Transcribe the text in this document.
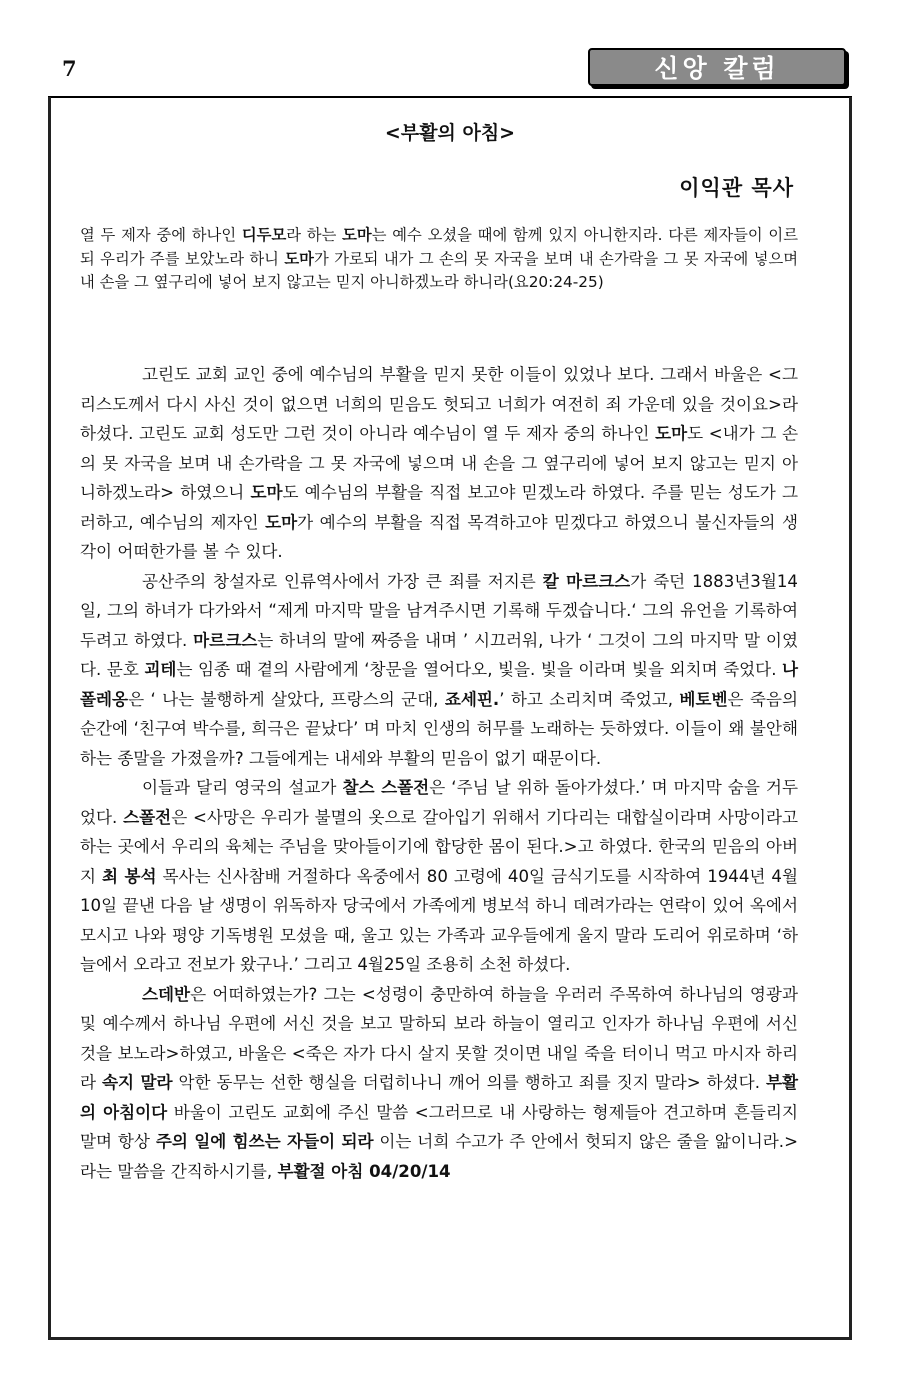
7	신앙 칼럼
<부활의 아침>
이익관 목사
열 두 제자 중에 하나인 디두모라 하는 도마는 예수 오셨을 때에 함께 있지 아니한지라. 다른 제자들이 이르되 우리가 주를 보았노라 하니 도마가 가로되 내가 그 손의 못 자국을 보며 내 손가락을 그 못 자국에 넣으며 내 손을 그 옆구리에 넣어 보지 않고는 믿지 아니하겠노라 하니라(요20:24-25)

고린도 교회 교인 중에 예수님의 부활을 믿지 못한 이들이 있었나 보다. 그래서 바울은 <그리스도께서 다시 사신 것이 없으면 너희의 믿음도 헛되고 너희가 여전히 죄 가운데 있을 것이요>라 하셨다. 고린도 교회 성도만 그런 것이 아니라 예수님이 열 두 제자 중의 하나인 도마도 <내가 그 손의 못 자국을 보며 내 손가락을 그 못 자국에 넣으며 내 손을 그 옆구리에 넣어 보지 않고는 믿지 아니하겠노라> 하였으니 도마도 예수님의 부활을 직접 보고야 믿겠노라 하였다. 주를 믿는 성도가 그러하고, 예수님의 제자인 도마가 예수의 부활을 직접 목격하고야 믿겠다고 하였으니 불신자들의 생각이 어떠한가를 볼 수 있다.

공산주의 창설자로 인류역사에서 가장 큰 죄를 저지른 칼 마르크스가 죽던 1883년3월14일, 그의 하녀가 다가와서 “제게 마지막 말을 남겨주시면 기록해 두겠습니다.‘ 그의 유언을 기록하여 두려고 하였다. 마르크스는 하녀의 말에 짜증을 내며 ’ 시끄러워, 나가 ‘ 그것이 그의 마지막 말 이였다. 문호 괴테는 임종 때 곁의 사람에게 ‘창문을 열어다오, 빛을. 빛을 이라며 빛을 외치며 죽었다. 나폴레옹은 ‘ 나는 불행하게 살았다, 프랑스의 군대, 죠세핀.’ 하고 소리치며 죽었고, 베토벤은 죽음의 순간에 ‘친구여 박수를, 희극은 끝났다’ 며 마치 인생의 허무를 노래하는 듯하였다. 이들이 왜 불안해하는 종말을 가졌을까? 그들에게는 내세와 부활의 믿음이 없기 때문이다.

이들과 달리 영국의 설교가 찰스 스폴전은 ‘주님 날 위하 돌아가셨다.’ 며 마지막 숨을 거두었다. 스폴전은 <사망은 우리가 불멸의 옷으로 갈아입기 위해서 기다리는 대합실이라며 사망이라고 하는 곳에서 우리의 육체는 주님을 맞아들이기에 합당한 몸이 된다.>고 하였다. 한국의 믿음의 아버지 최 봉석 목사는 신사참배 거절하다 옥중에서 80 고령에 40일 금식기도를 시작하여 1944년 4월10일 끝낸 다음 날 생명이 위독하자 당국에서 가족에게 병보석 하니 데려가라는 연락이 있어 옥에서 모시고 나와 평양 기독병원 모셨을 때, 울고 있는 가족과 교우들에게 울지 말라 도리어 위로하며 ‘하늘에서 오라고 전보가 왔구나.’ 그리고 4월25일 조용히 소천 하셨다.

스데반은 어떠하였는가? 그는 <성령이 충만하여 하늘을 우러러 주목하여 하나님의 영광과 및 예수께서 하나님 우편에 서신 것을 보고 말하되 보라 하늘이 열리고 인자가 하나님 우편에 서신 것을 보노라>하였고, 바울은 <죽은 자가 다시 살지 못할 것이면 내일 죽을 터이니 먹고 마시자 하리라 속지 말라 악한 동무는 선한 행실을 더럽히나니 깨어 의를 행하고 죄를 짓지 말라> 하셨다. 부활의 아침이다 바울이 고린도 교회에 주신 말씀 <그러므로 내 사랑하는 형제들아 견고하며 흔들리지 말며 항상 주의 일에 힘쓰는 자들이 되라 이는 너희 수고가 주 안에서 헛되지 않은 줄을 앎이니라.> 라는 말씀을 간직하시기를, 부활절 아침 04/20/14
